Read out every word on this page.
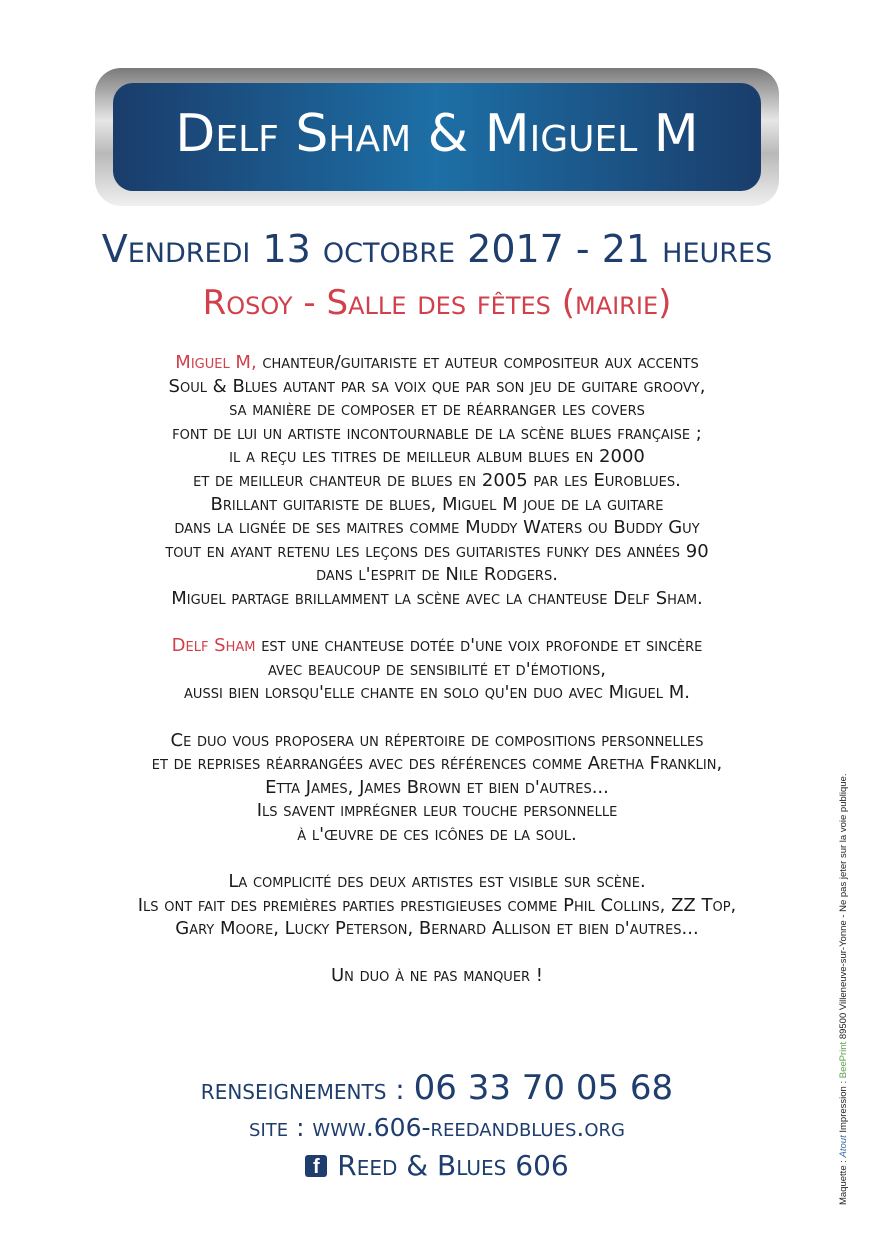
Delf Sham & Miguel M
Vendredi 13 octobre 2017 - 21 heures
Rosoy - Salle des fêtes (mairie)

Miguel M, chanteur/guitariste et auteur compositeur aux accents
Soul & Blues autant par sa voix que par son jeu de guitare groovy,
sa manière de composer et de réarranger les covers
font de lui un artiste incontournable de la scène blues française ;
il a reçu les titres de meilleur album blues en 2000
et de meilleur chanteur de blues en 2005 par les Euroblues.
Brillant guitariste de blues, Miguel M joue de la guitare
dans la lignée de ses maitres comme Muddy Waters ou Buddy Guy
tout en ayant retenu les leçons des guitaristes funky des années 90
dans l'esprit de Nile Rodgers.
Miguel partage brillamment la scène avec la chanteuse Delf Sham.

Delf Sham est une chanteuse dotée d'une voix profonde et sincère
avec beaucoup de sensibilité et d'émotions,
aussi bien lorsqu'elle chante en solo qu'en duo avec Miguel M.

Ce duo vous proposera un répertoire de compositions personnelles
et de reprises réarrangées avec des références comme Aretha Franklin,
Etta James, James Brown et bien d'autres...
Ils savent imprégner leur touche personnelle
à l'œuvre de ces icônes de la soul.

La complicité des deux artistes est visible sur scène.
Ils ont fait des premières parties prestigieuses comme Phil Collins, ZZ Top,
Gary Moore, Lucky Peterson, Bernard Allison et bien d'autres...

Un duo à ne pas manquer !

renseignements : 06 33 70 05 68
site : www.606-reedandblues.org
f Reed & Blues 606	Maquette : Atout Impression : BeePrint 89500 Villeneuve-sur-Yonne - Ne pas jeter sur la voie publique.
